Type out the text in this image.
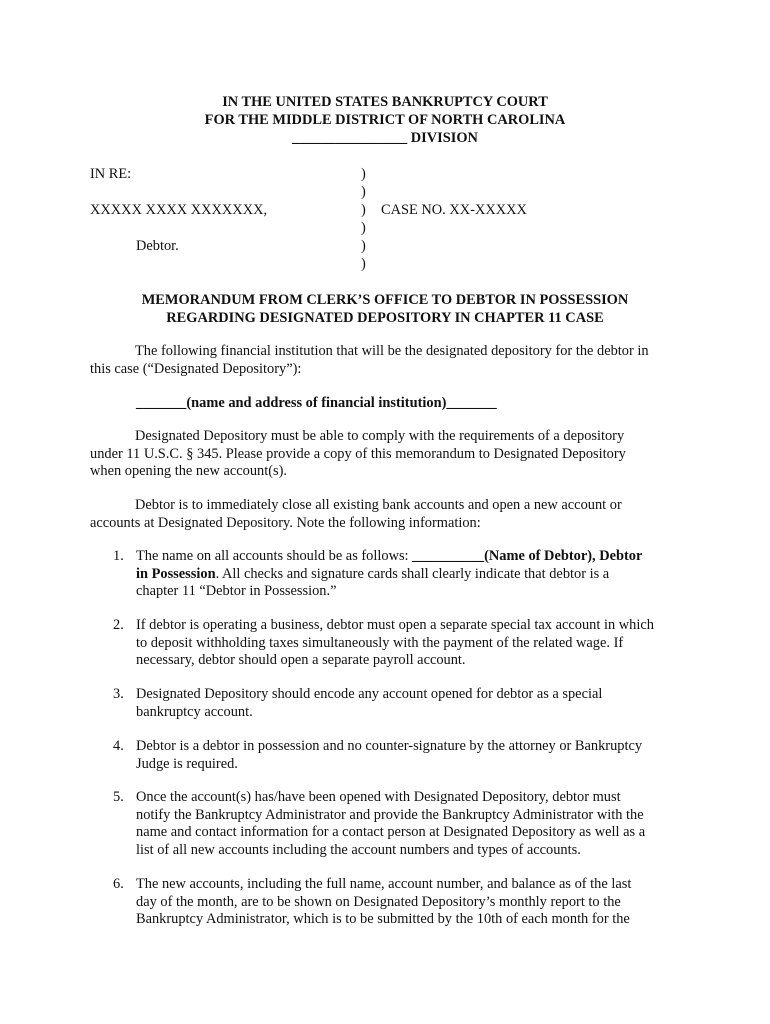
IN THE UNITED STATES BANKRUPTCY COURT
FOR THE MIDDLE DISTRICT OF NORTH CAROLINA
________________ DIVISION
IN RE:
XXXXX XXXX XXXXXXX,
Debtor.
)
)
)
)
)
)
CASE NO. XX-XXXXX
MEMORANDUM FROM CLERK’S OFFICE TO DEBTOR IN POSSESSION
REGARDING DESIGNATED DEPOSITORY IN CHAPTER 11 CASE
The following financial institution that will be the designated depository for the debtor in
this case (“Designated Depository”):
_______(name and address of financial institution)_______
Designated Depository must be able to comply with the requirements of a depository
under 11 U.S.C. § 345. Please provide a copy of this memorandum to Designated Depository
when opening the new account(s).
Debtor is to immediately close all existing bank accounts and open a new account or
accounts at Designated Depository. Note the following information:
1. The name on all accounts should be as follows: __________(Name of Debtor), Debtor
in Possession. All checks and signature cards shall clearly indicate that debtor is a
chapter 11 “Debtor in Possession.”
2. If debtor is operating a business, debtor must open a separate special tax account in which
to deposit withholding taxes simultaneously with the payment of the related wage. If
necessary, debtor should open a separate payroll account.
3. Designated Depository should encode any account opened for debtor as a special
bankruptcy account.
4. Debtor is a debtor in possession and no counter-signature by the attorney or Bankruptcy
Judge is required.
5. Once the account(s) has/have been opened with Designated Depository, debtor must
notify the Bankruptcy Administrator and provide the Bankruptcy Administrator with the
name and contact information for a contact person at Designated Depository as well as a
list of all new accounts including the account numbers and types of accounts.
6. The new accounts, including the full name, account number, and balance as of the last
day of the month, are to be shown on Designated Depository’s monthly report to the
Bankruptcy Administrator, which is to be submitted by the 10th of each month for the
